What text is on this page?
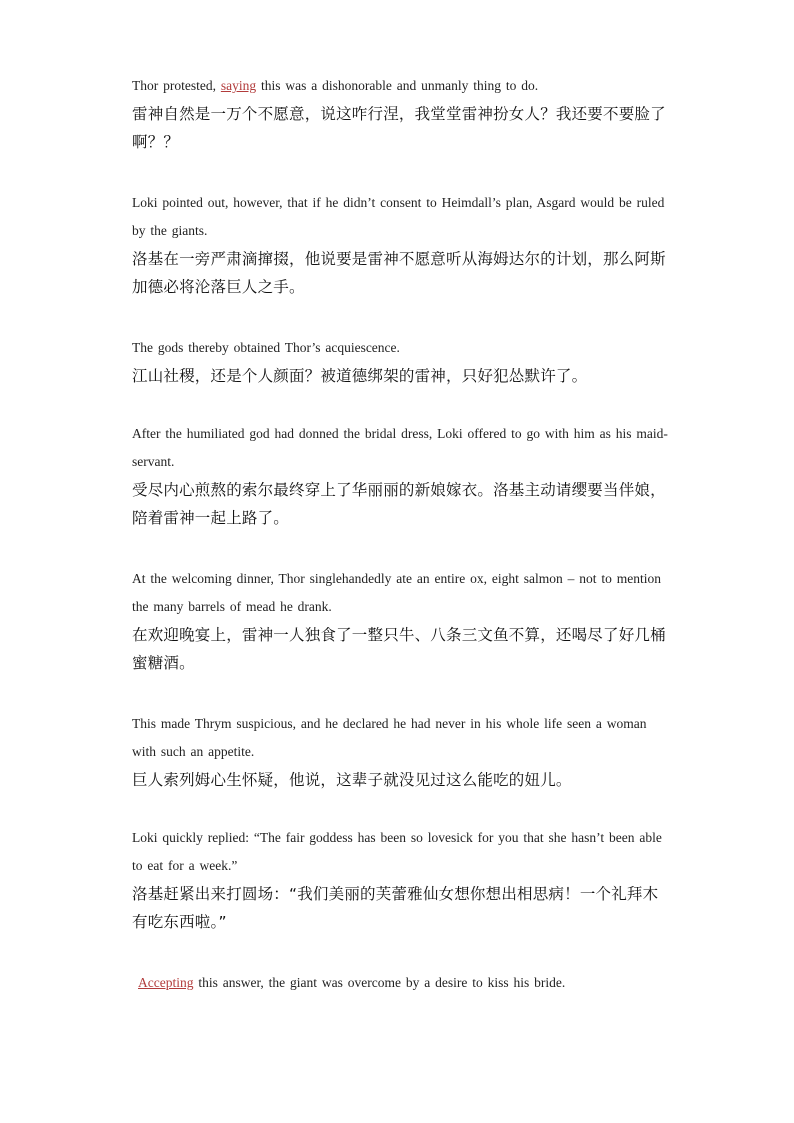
Thor protested, saying this was a dishonorable and unmanly thing to do.

雷神自然是一万个不愿意，说这咋行涅，我堂堂雷神扮女人？我还要不要脸了啊？？

Loki pointed out, however, that if he didn’t consent to Heimdall’s plan, Asgard would be ruled by the giants.

洛基在一旁严肃滴撺掇，他说要是雷神不愿意听从海姆达尔的计划，那么阿斯加德必将沦落巨人之手。

The gods thereby obtained Thor’s acquiescence.

江山社稷，还是个人颜面？被道德绑架的雷神，只好犯怂默许了。

After the humiliated god had donned the bridal dress, Loki offered to go with him as his maid-servant.

受尽内心煎熬的索尔最终穿上了华丽丽的新娘嫁衣。洛基主动请缨要当伴娘，陪着雷神一起上路了。

At the welcoming dinner, Thor singlehandedly ate an entire ox, eight salmon – not to mention the many barrels of mead he drank.

在欢迎晚宴上，雷神一人独食了一整只牛、八条三文鱼不算，还喝尽了好几桶蜜糖酒。

This made Thrym suspicious, and he declared he had never in his whole life seen a woman with such an appetite.

巨人索列姆心生怀疑，他说，这辈子就没见过这么能吃的妞儿。

Loki quickly replied: “The fair goddess has been so lovesick for you that she hasn’t been able to eat for a week.”

洛基赶紧出来打圆场：“我们美丽的芙蕾雅仙女想你想出相思病！一个礼拜木有吃东西啦。”

Accepting this answer, the giant was overcome by a desire to kiss his bride.
